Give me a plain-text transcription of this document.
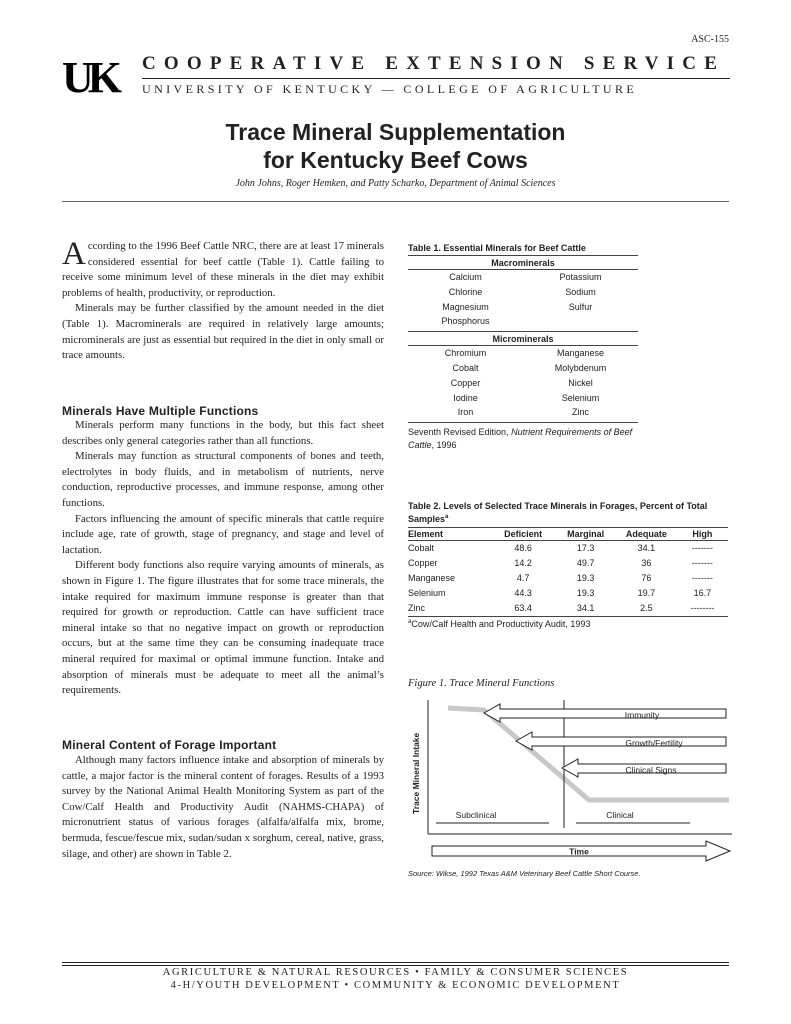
ASC-155
UK	COOPERATIVE EXTENSION SERVICE
UNIVERSITY OF KENTUCKY — COLLEGE OF AGRICULTURE
Trace Mineral Supplementation
for Kentucky Beef Cows
John Johns, Roger Hemken, and Patty Scharko, Department of Animal Sciences

According to the 1996 Beef Cattle NRC, there are at least 17 minerals considered essential for beef cattle (Table 1). Cattle failing to receive some minimum level of these minerals in the diet may exhibit problems of health, productivity, or reproduction.

Minerals may be further classified by the amount needed in the diet (Table 1). Macrominerals are required in relatively large amounts; microminerals are just as essential but required in the diet in only small or trace amounts.

Minerals Have Multiple Functions

Minerals perform many functions in the body, but this fact sheet describes only general categories rather than all functions.

Minerals may function as structural components of bones and teeth, electrolytes in body fluids, and in metabolism of nutrients, nerve conduction, reproductive processes, and immune response, among other functions.

Factors influencing the amount of specific minerals that cattle require include age, rate of growth, stage of pregnancy, and stage and level of lactation.

Different body functions also require varying amounts of minerals, as shown in Figure 1. The figure illustrates that for some trace minerals, the intake required for maximum immune response is greater than that required for growth or reproduction. Cattle can have sufficient trace mineral intake so that no negative impact on growth or reproduction occurs, but at the same time they can be consuming inadequate trace mineral required for maximal or optimal immune function. Intake and absorption of minerals must be adequate to meet all the animal’s requirements.

Mineral Content of Forage Important

Although many factors influence intake and absorption of minerals by cattle, a major factor is the mineral content of forages. Results of a 1993 survey by the National Animal Health Monitoring System as part of the Cow/Calf Health and Productivity Audit (NAHMS-CHAPA) of micronutrient status of various forages (alfalfa/alfalfa mix, brome, bermuda, fescue/fescue mix, sudan/sudan x sorghum, cereal, native, grass, silage, and other) are shown in Table 2.

Table 1. Essential Minerals for Beef Cattle
Macrominerals
Calcium	Potassium
Chlorine	Sodium
Magnesium	Sulfur
Phosphorus
Microminerals
Chromium	Manganese
Cobalt	Molybdenum
Copper	Nickel
Iodine	Selenium
Iron	Zinc
Seventh Revised Edition, Nutrient Requirements of Beef Cattle, 1996
Table 2. Levels of Selected Trace Minerals in Forages, Percent of Total Samples$^a$
Element	Deficient	Marginal	Adequate	High
Cobalt	48.6	17.3	34.1	-------
Copper	14.2	49.7	36	-------
Manganese	4.7	19.3	76	-------
Selenium	44.3	19.3	19.7	16.7
Zinc	63.4	34.1	2.5	--------
$^a$Cow/Calf Health and Productivity Audit, 1993
Figure 1. Trace Mineral Functions
Trace Mineral Intake
Immunity
Growth/Fertility
Clinical Signs
Subclinical	Clinical
Time
Source: Wikse, 1992 Texas A&M Veterinary Beef Cattle Short Course.
AGRICULTURE & NATURAL RESOURCES • FAMILY & CONSUMER SCIENCES
4-H/YOUTH DEVELOPMENT • COMMUNITY & ECONOMIC DEVELOPMENT
